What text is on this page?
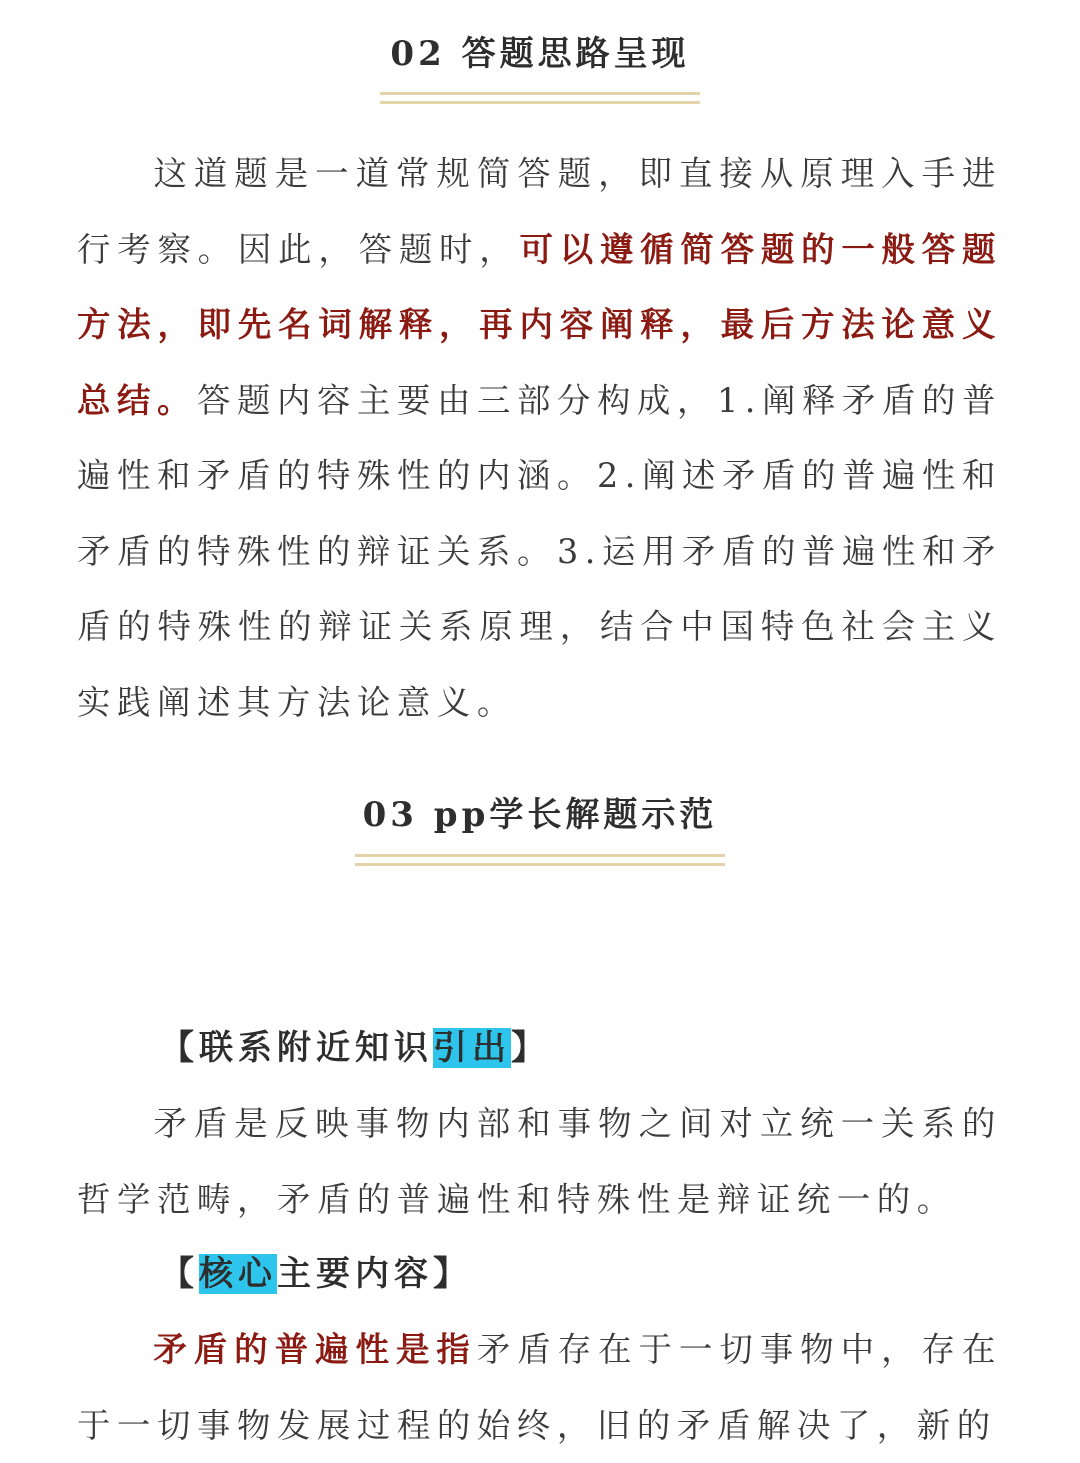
02 答题思路呈现

这道题是一道常规简答题，即直接从原理入手进行考察。因此，答题时，可以遵循简答题的一般答题方法，即先名词解释，再内容阐释，最后方法论意义总结。答题内容主要由三部分构成，1.阐释矛盾的普遍性和矛盾的特殊性的内涵。2.阐述矛盾的普遍性和矛盾的特殊性的辩证关系。3.运用矛盾的普遍性和矛盾的特殊性的辩证关系原理，结合中国特色社会主义实践阐述其方法论意义。

03 pp学长解题示范
【联系附近知识引出】

矛盾是反映事物内部和事物之间对立统一关系的哲学范畴，矛盾的普遍性和特殊性是辩证统一的。

【核心主要内容】

矛盾的普遍性是指矛盾存在于一切事物中，存在于一切事物发展过程的始终，旧的矛盾解决了，新的
